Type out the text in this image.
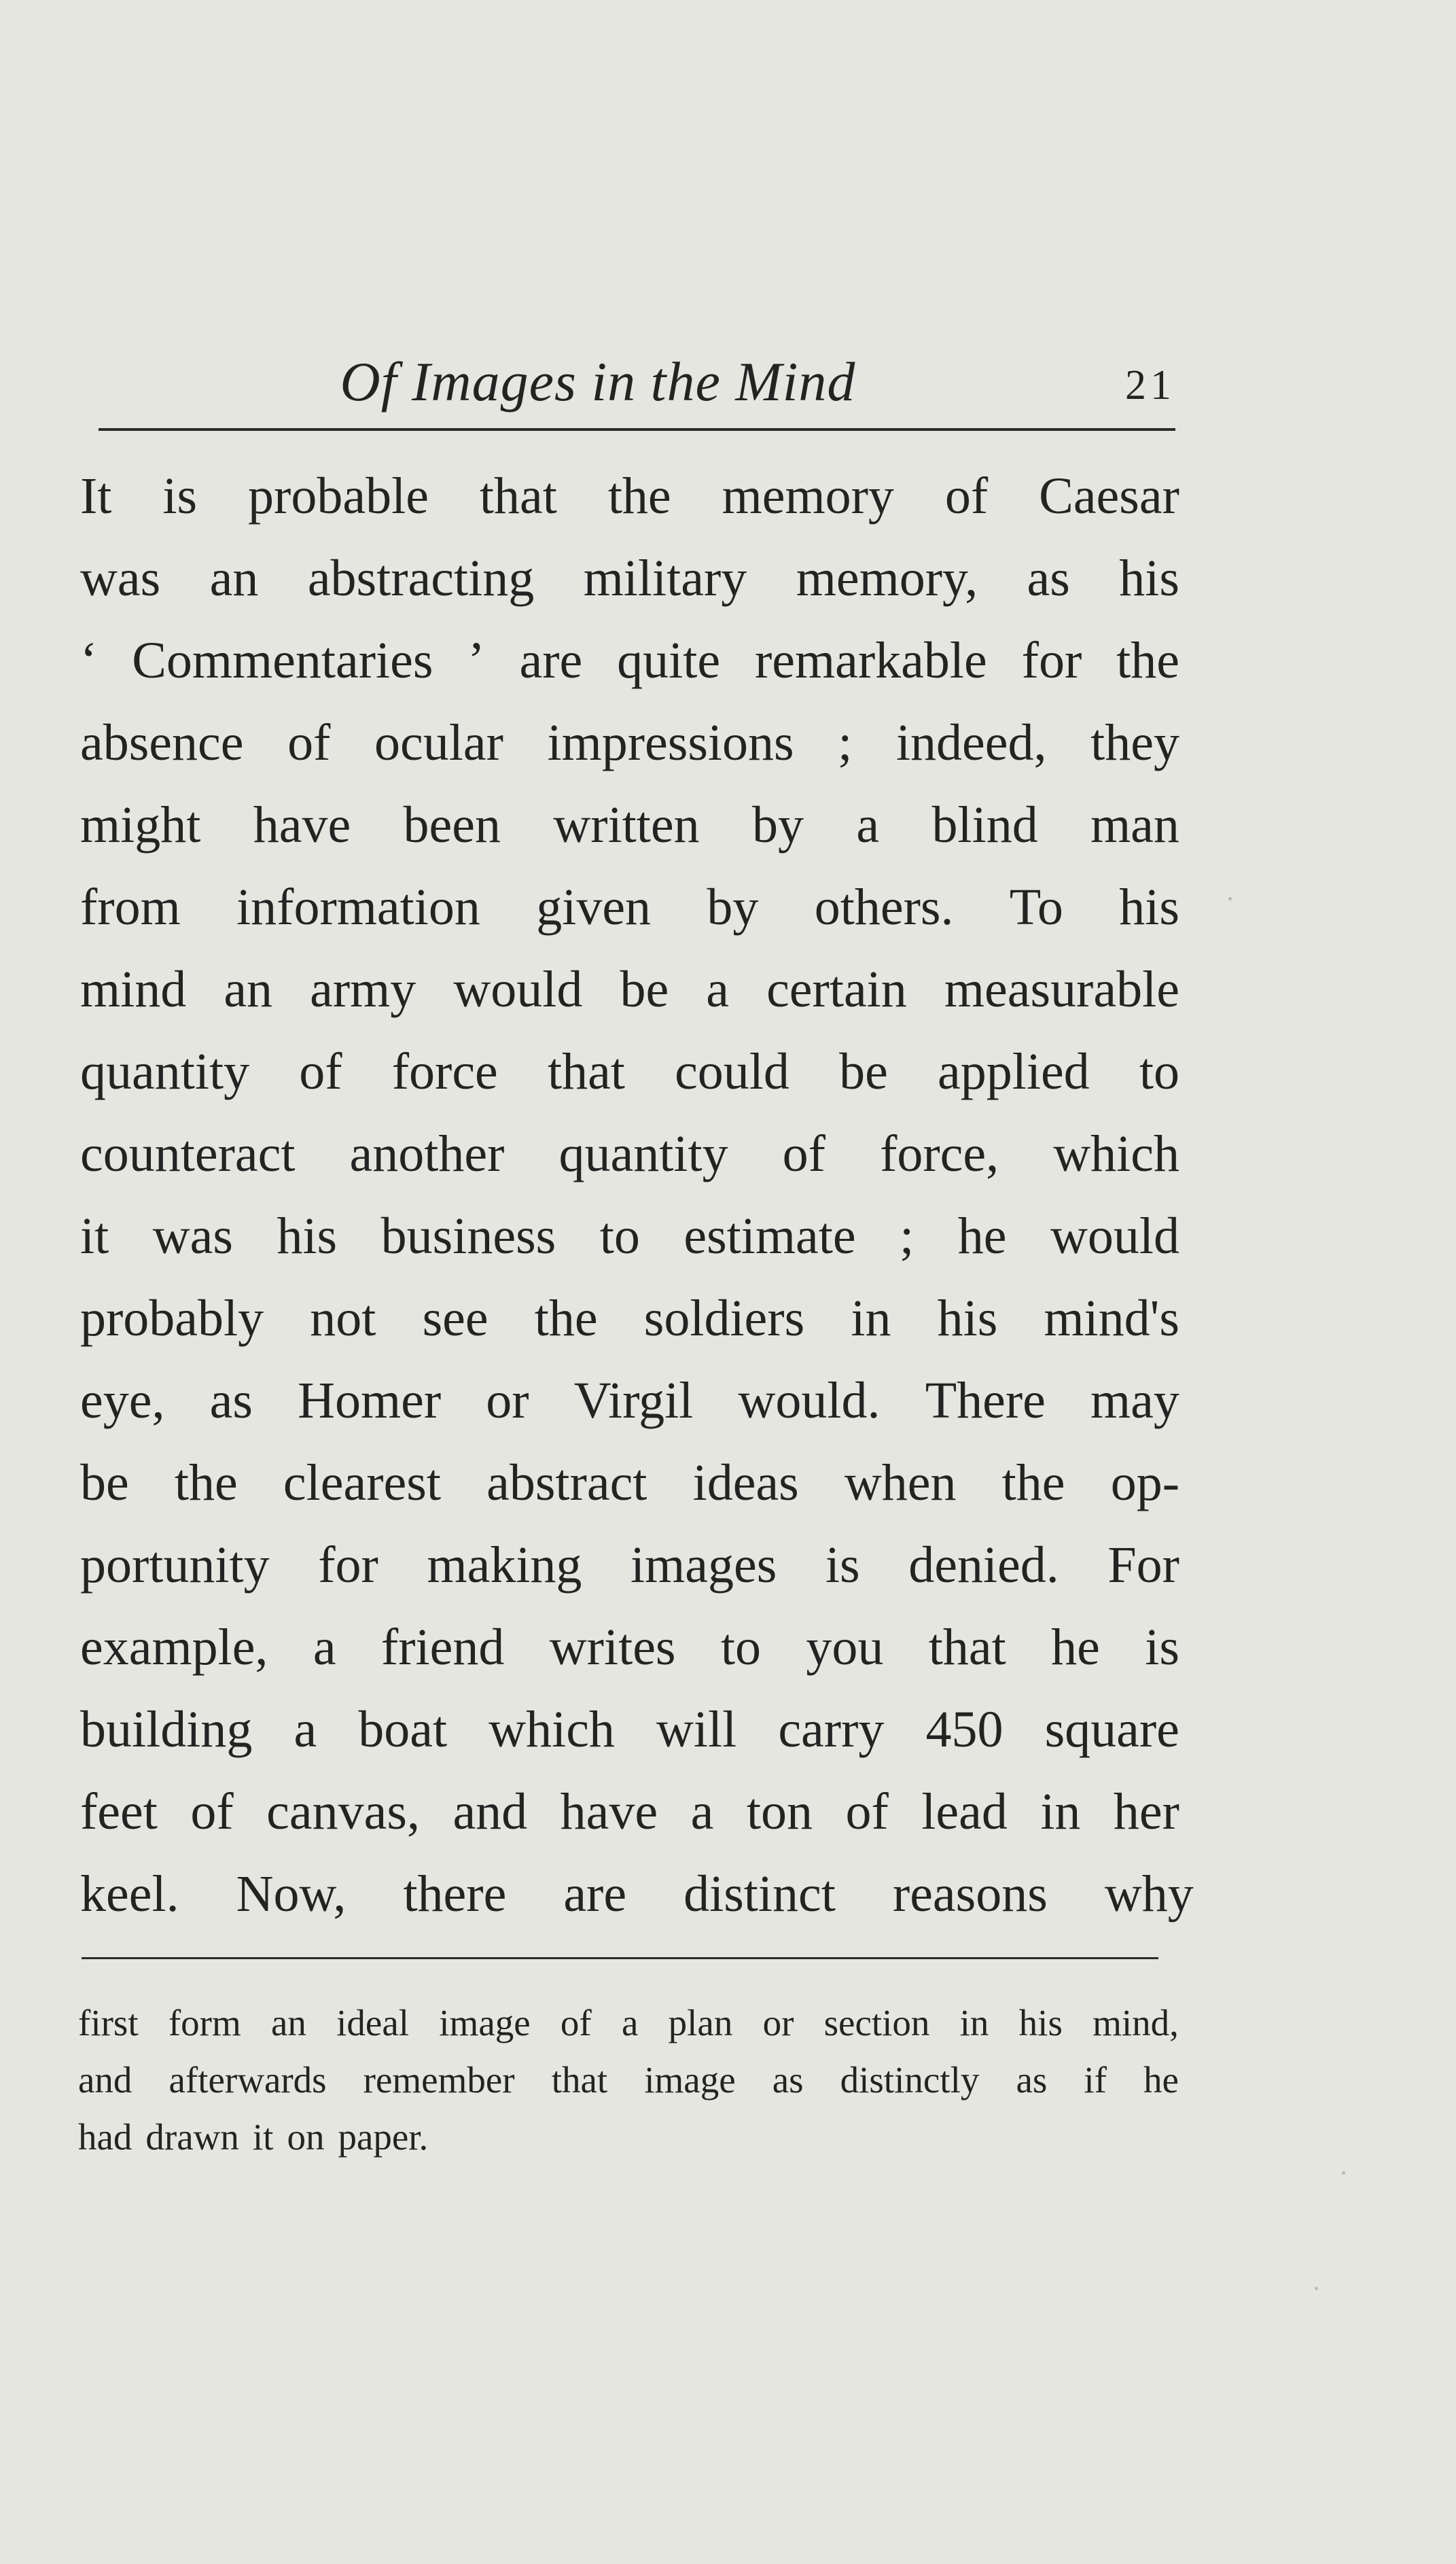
Of Images in the Mind	21
It is probable that the memory of Caesar
was an abstracting military memory, as his
‘ Commentaries ’ are quite remarkable for the
absence of ocular impressions ; indeed, they
might have been written by a blind man
from information given by others. To his
mind an army would be a certain measurable
quantity of force that could be applied to
counteract another quantity of force, which
it was his business to estimate ; he would
probably not see the soldiers in his mind's
eye, as Homer or Virgil would. There may
be the clearest abstract ideas when the op-
portunity for making images is denied. For
example, a friend writes to you that he is
building a boat which will carry 450 square
feet of canvas, and have a ton of lead in her
keel. Now, there are distinct reasons why
first form an ideal image of a plan or section in his mind,
and afterwards remember that image as distinctly as if he
had drawn it on paper.
